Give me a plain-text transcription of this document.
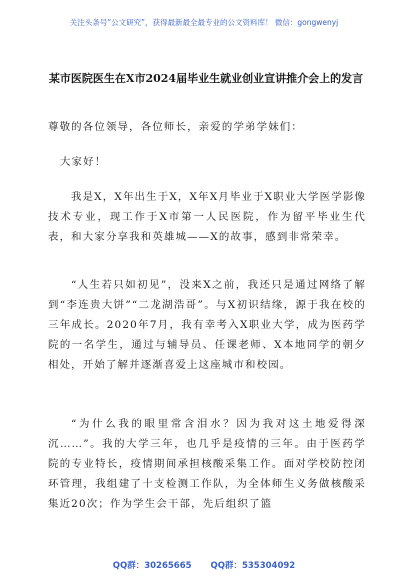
关注头条号“公文研究”，获得最新最全最专业的公文资料库！ 微信：gongwenyj
某市医院医生在X市2024届毕业生就业创业宣讲推介会上的发言

尊敬的各位领导，各位师长，亲爱的学弟学妹们：

大家好！

我是X，X年出生于X，X年X月毕业于X职业大学医学影像技术专业，现工作于X市第一人民医院，作为留平毕业生代表，和大家分享我和英雄城——X的故事，感到非常荣幸。

“人生若只如初见”，没来X之前，我还只是通过网络了解到“李连贵大饼”“二龙湖浩哥”。与X初识结缘，源于我在校的三年成长。2020年7月，我有幸考入X职业大学，成为医药学院的一名学生，通过与辅导员、任课老师、X本地同学的朝夕相处，开始了解并逐渐喜爱上这座城市和校园。

“为什么我的眼里常含泪水？因为我对这土地爱得深沉……”。我的大学三年，也几乎是疫情的三年。由于医药学院的专业特长，疫情期间承担核酸采集工作。面对学校防控闭环管理，我组建了十支检测工作队，为全体师生义务做核酸采集近20次；作为学生会干部，先后组织了篮

QQ群：30265665 QQ群：535304092
